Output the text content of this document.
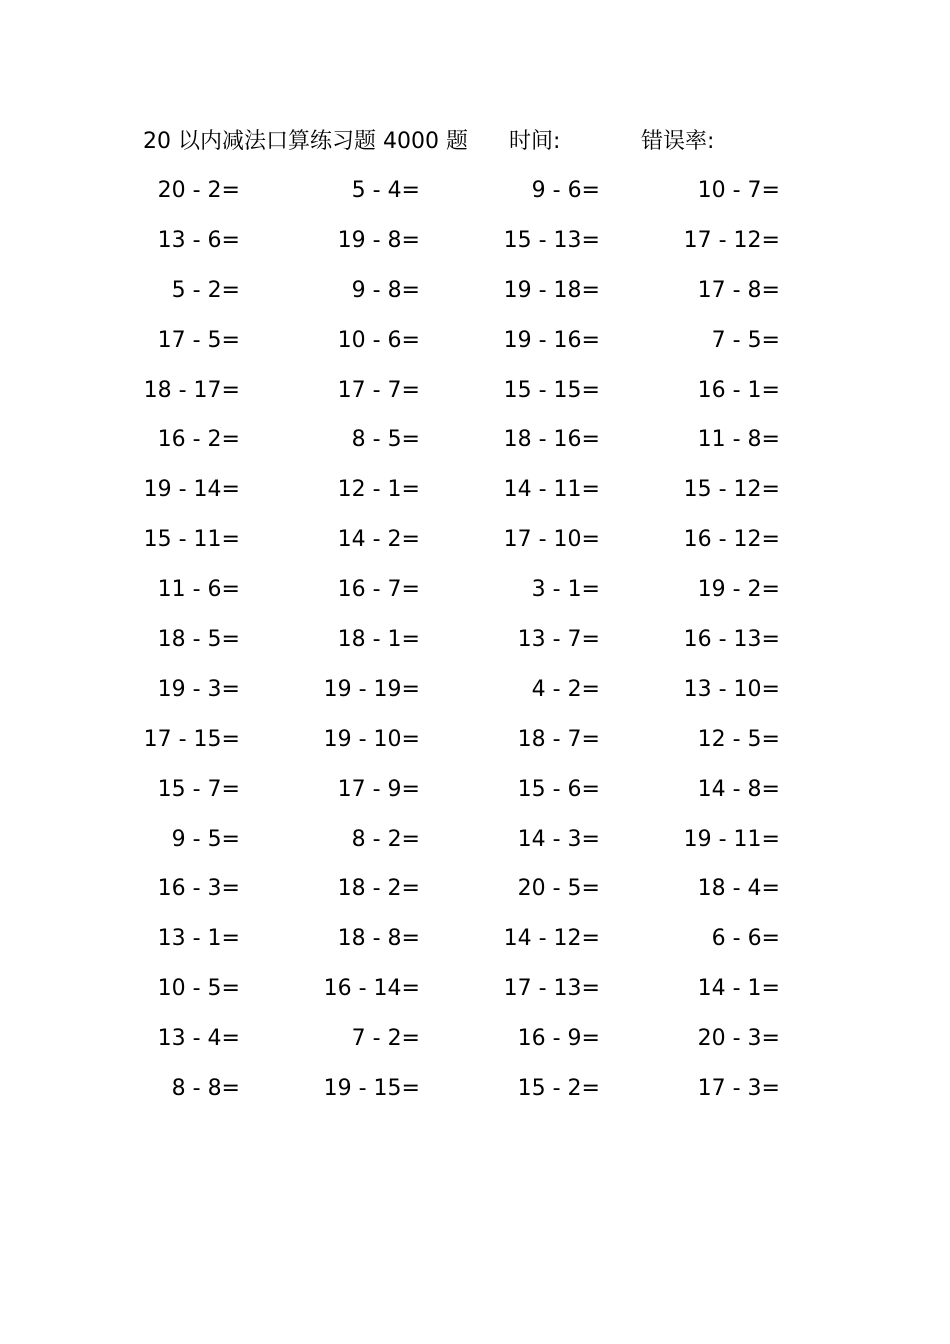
20 以内减法口算练习题 4000 题 时间:	错误率:
20 - 2=	5 - 4=	9 - 6=	10 - 7=
13 - 6=	19 - 8=	15 - 13=	17 - 12=
5 - 2=	9 - 8=	19 - 18=	17 - 8=
17 - 5=	10 - 6=	19 - 16=	7 - 5=
18 - 17=	17 - 7=	15 - 15=	16 - 1=
16 - 2=	8 - 5=	18 - 16=	11 - 8=
19 - 14=	12 - 1=	14 - 11=	15 - 12=
15 - 11=	14 - 2=	17 - 10=	16 - 12=
11 - 6=	16 - 7=	3 - 1=	19 - 2=
18 - 5=	18 - 1=	13 - 7=	16 - 13=
19 - 3=	19 - 19=	4 - 2=	13 - 10=
17 - 15=	19 - 10=	18 - 7=	12 - 5=
15 - 7=	17 - 9=	15 - 6=	14 - 8=
9 - 5=	8 - 2=	14 - 3=	19 - 11=
16 - 3=	18 - 2=	20 - 5=	18 - 4=
13 - 1=	18 - 8=	14 - 12=	6 - 6=
10 - 5=	16 - 14=	17 - 13=	14 - 1=
13 - 4=	7 - 2=	16 - 9=	20 - 3=
8 - 8=	19 - 15=	15 - 2=	17 - 3=
